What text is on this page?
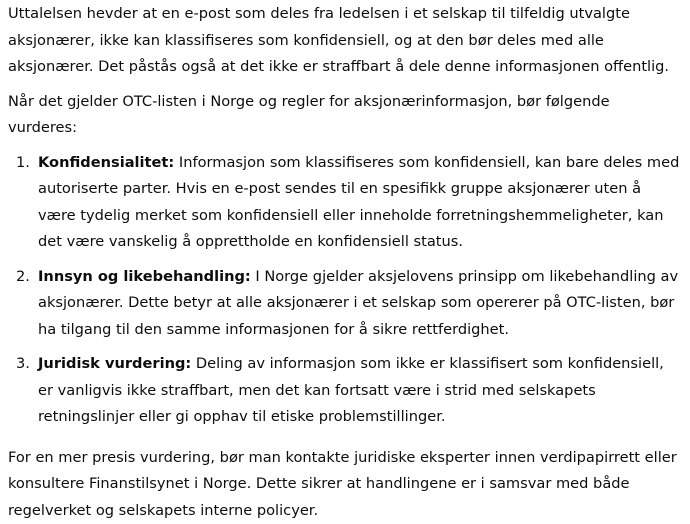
Uttalelsen hevder at en e-post som deles fra ledelsen i et selskap til tilfeldig utvalgte aksjonærer, ikke kan klassifiseres som konfidensiell, og at den bør deles med alle aksjonærer. Det påstås også at det ikke er straffbart å dele denne informasjonen offentlig.

Når det gjelder OTC-listen i Norge og regler for aksjonærinformasjon, bør følgende vurderes:

1. Konfidensialitet: Informasjon som klassifiseres som konfidensiell, kan bare deles med autoriserte parter. Hvis en e-post sendes til en spesifikk gruppe aksjonærer uten å være tydelig merket som konfidensiell eller inneholde forretningshemmeligheter, kan det være vanskelig å opprettholde en konfidensiell status.
2. Innsyn og likebehandling: I Norge gjelder aksjelovens prinsipp om likebehandling av aksjonærer. Dette betyr at alle aksjonærer i et selskap som opererer på OTC-listen, bør ha tilgang til den samme informasjonen for å sikre rettferdighet.
3. Juridisk vurdering: Deling av informasjon som ikke er klassifisert som konfidensiell, er vanligvis ikke straffbart, men det kan fortsatt være i strid med selskapets retningslinjer eller gi opphav til etiske problemstillinger.

For en mer presis vurdering, bør man kontakte juridiske eksperter innen verdipapirrett eller konsultere Finanstilsynet i Norge. Dette sikrer at handlingene er i samsvar med både regelverket og selskapets interne policyer.
